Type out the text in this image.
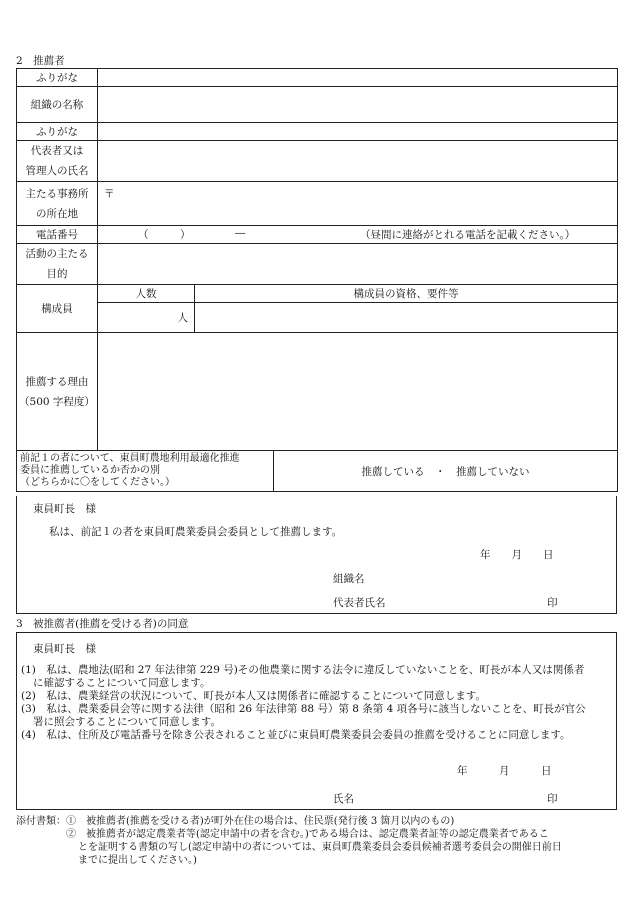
2　推薦者
ふりがな			
組織の名称			
ふりがな			
代表者又は
管理人の氏名			
主たる事務所
の所在地	〒		
電話番号	（　　　） ― （昼間に連絡がとれる電話を記載ください。）		

活動の主たる
目的			
構成員	人数	構成員の資格、要件等	
	人		
推薦する理由
（500 字程度）			
前記１の者について、東員町農地利用最適化推進
委員に推薦しているか否かの別
（どちらかに〇をしてください。）			推薦している　・　推薦していない
東員町長　様
私は、前記１の者を東員町農業委員会委員として推薦します。
年　　月　　日
組織名
代表者氏名	印
3　被推薦者(推薦を受ける者)の同意
東員町長　様
(1)　私は、農地法(昭和 27 年法律第 229 号)その他農業に関する法令に違反していないことを、町長が本人又は関係者
に確認することについて同意します。
(2)　私は、農業経営の状況について、町長が本人又は関係者に確認することについて同意します。
(3)　私は、農業委員会等に関する法律（昭和 26 年法律第 88 号）第 8 条第 4 項各号に該当しないことを、町長が官公
署に照会することについて同意します。
(4)　私は、住所及び電話番号を除き公表されること並びに東員町農業委員会委員の推薦を受けることに同意します。
年　　　月　　　日
氏名	印
添付書類：①　被推薦者(推薦を受ける者)が町外在住の場合は、住民票(発行後 3 箇月以内のもの)
②　被推薦者が認定農業者等(認定申請中の者を含む。)である場合は、認定農業者証等の認定農業者であるこ
とを証明する書類の写し(認定申請中の者については、東員町農業委員会委員候補者選考委員会の開催日前日
までに提出してください。)
